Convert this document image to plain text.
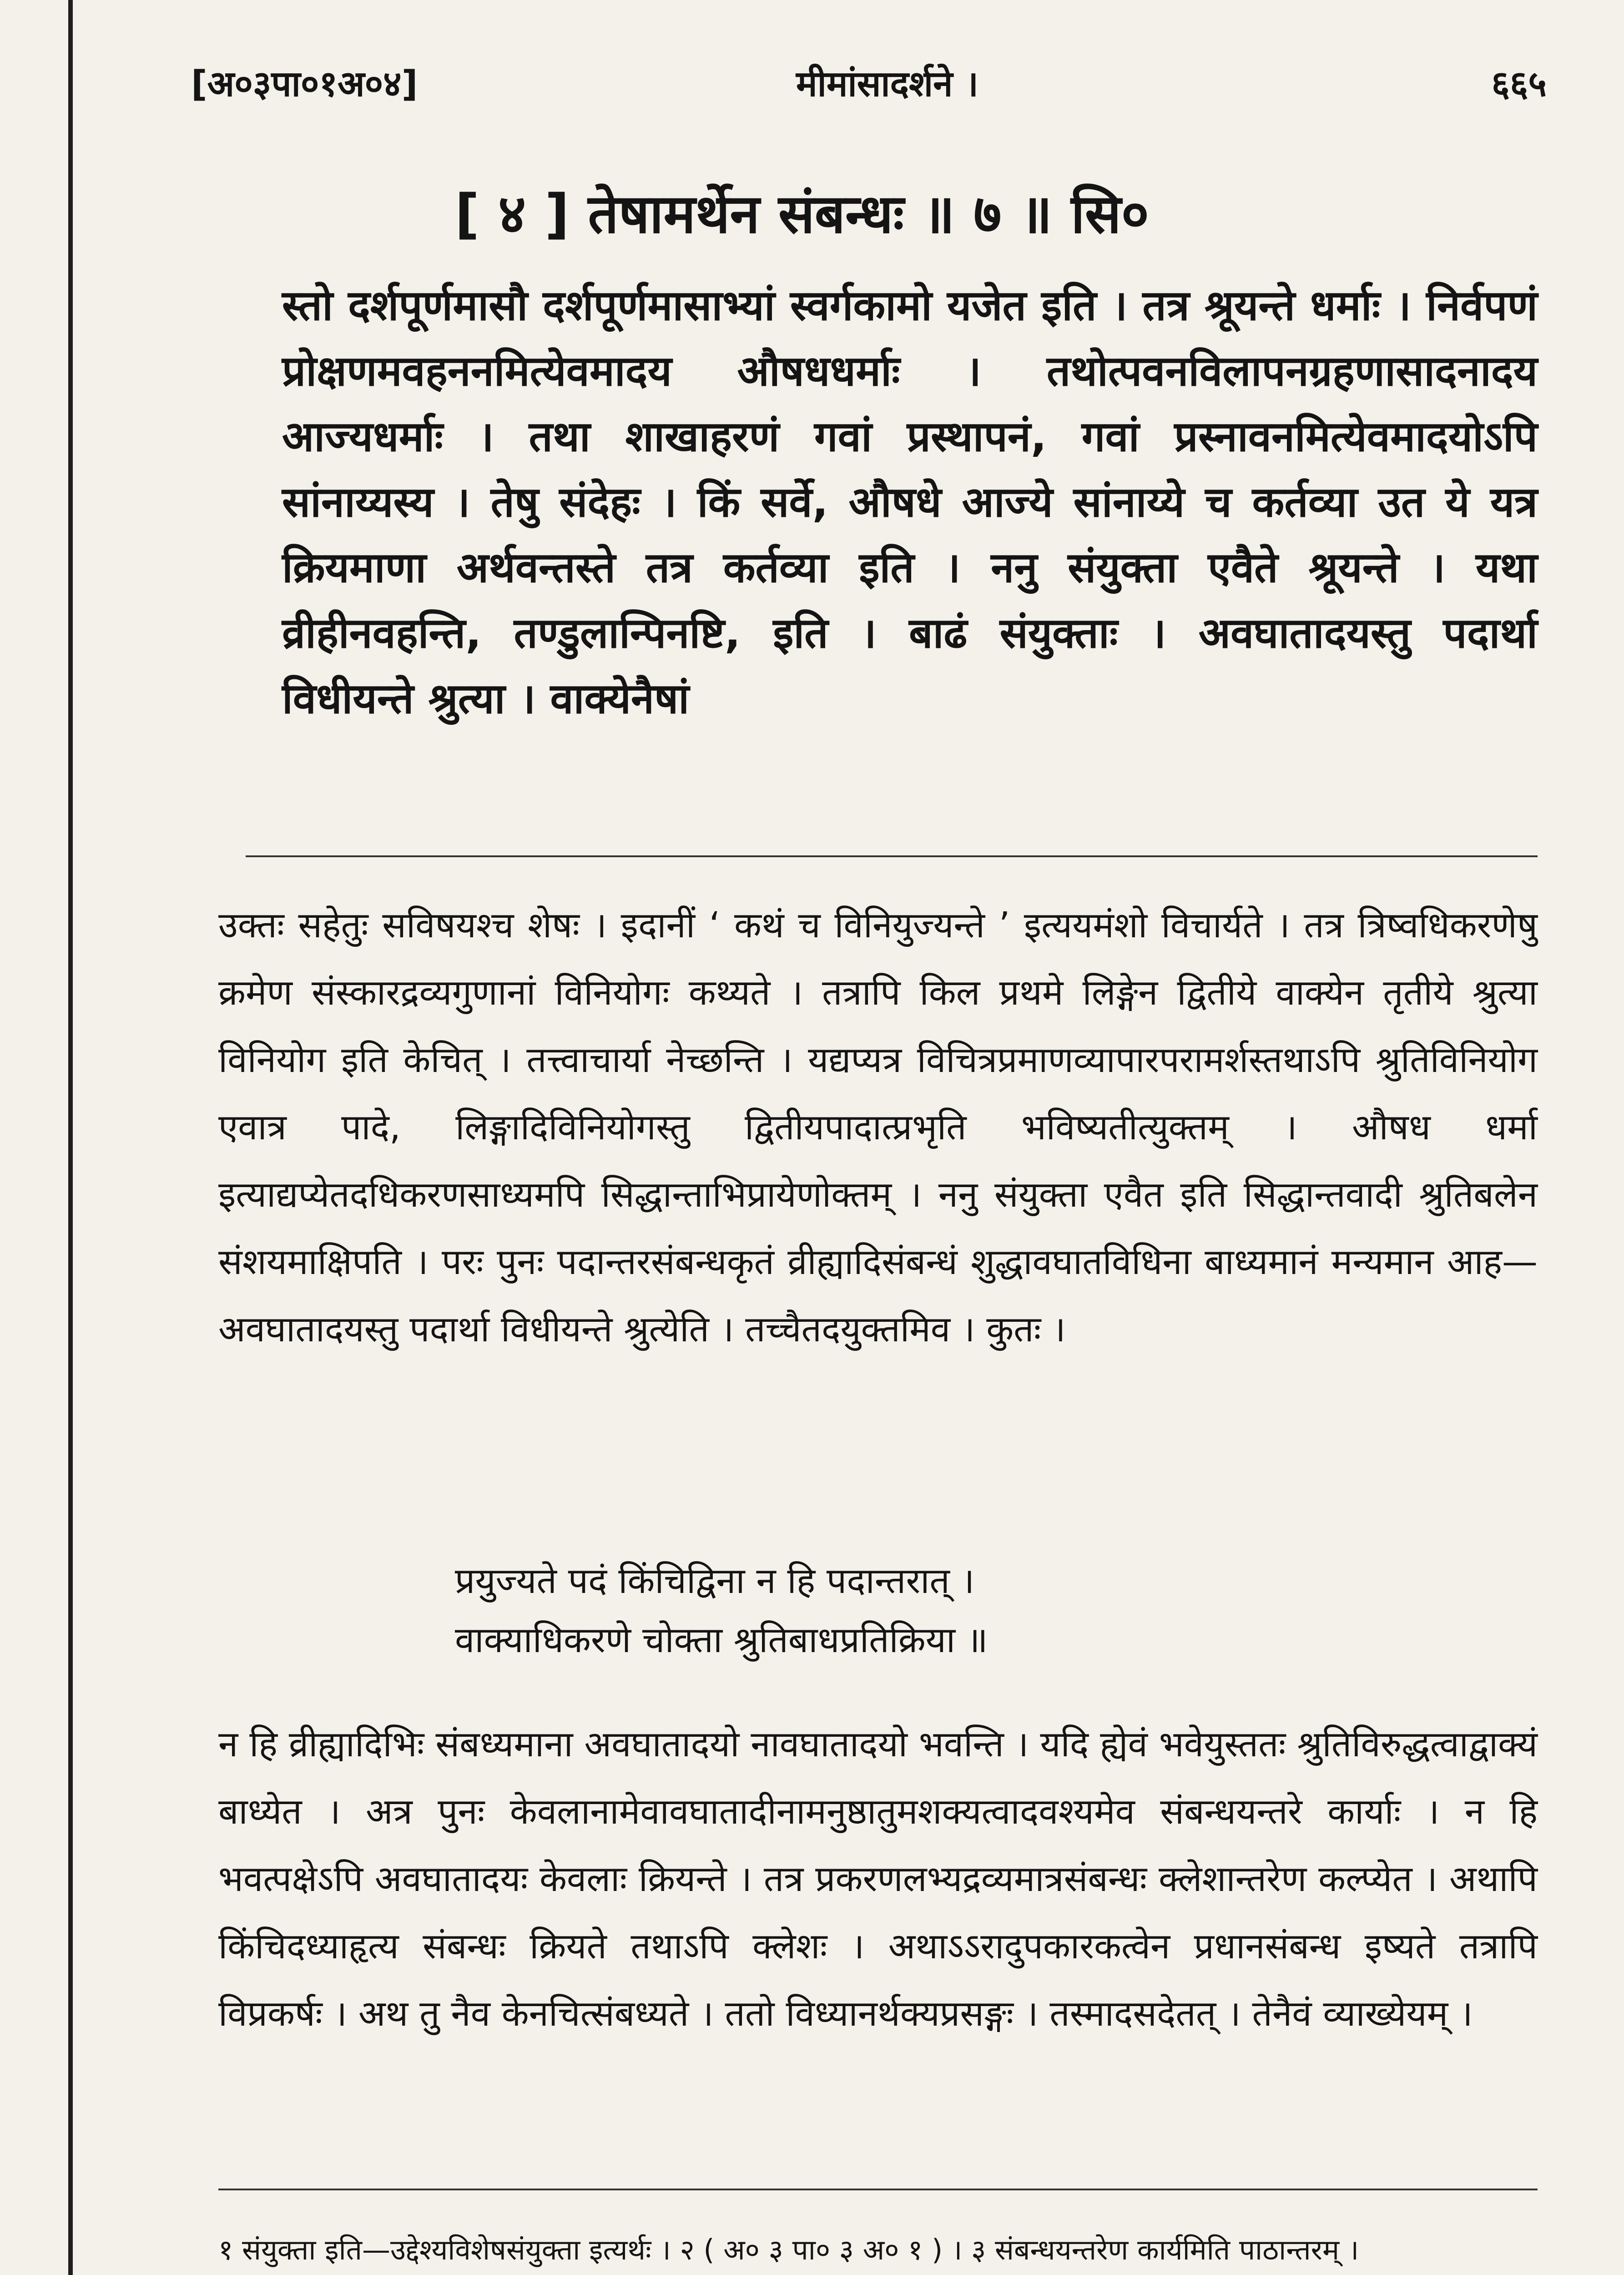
[अ०३पा०१अ०४]	मीमांसादर्शने ।	६६५
[ ४ ] तेषामर्थेन संबन्धः ॥ ७ ॥ सि०

स्तो दर्शपूर्णमासौ दर्शपूर्णमासाभ्यां स्वर्गकामो यजेत इति । तत्र श्रूयन्ते धर्माः । निर्वपणं प्रोक्षणमवहननमित्येवमादय औषधधर्माः । तथोत्पवनविलापनग्रहणासादनादय आज्यधर्माः । तथा शाखाहरणं गवां प्रस्थापनं, गवां प्रस्नावनमित्येवमादयोऽपि सांनाय्यस्य । तेषु संदेहः । किं सर्वे, औषधे आज्ये सांनाय्ये च कर्तव्या उत ये यत्र क्रियमाणा अर्थवन्तस्ते तत्र कर्तव्या इति । ननु संयुक्ता एवैते श्रूयन्ते । यथा व्रीहीनवहन्ति, तण्डुलान्पिनष्टि, इति । बाढं संयुक्ताः । अवघातादयस्तु पदार्था विधीयन्ते श्रुत्या । वाक्येनैषां

उक्तः सहेतुः सविषयश्च शेषः । इदानीं ‘ कथं च विनियुज्यन्ते ’ इत्ययमंशो विचार्यते । तत्र त्रिष्वधिकरणेषु क्रमेण संस्कारद्रव्यगुणानां विनियोगः कथ्यते । तत्रापि किल प्रथमे लिङ्गेन द्वितीये वाक्येन तृतीये श्रुत्या विनियोग इति केचित् । तत्त्वाचार्या नेच्छन्ति । यद्यप्यत्र विचित्रप्रमाणव्यापारपरामर्शस्तथाऽपि श्रुतिविनियोग एवात्र पादे, लिङ्गादिविनियोगस्तु द्वितीयपादात्प्रभृति भविष्यतीत्युक्तम् । औषध धर्मा इत्याद्यप्येतदधिकरणसाध्यमपि सिद्धान्ताभिप्रायेणोक्तम् । ननु संयुक्ता एवैत इति सिद्धान्तवादी श्रुतिबलेन संशयमाक्षिपति । परः पुनः पदान्तरसंबन्धकृतं व्रीह्यादिसंबन्धं शुद्धावघातविधिना बाध्यमानं मन्यमान आह—अवघातादयस्तु पदार्था विधीयन्ते श्रुत्येति । तच्चैतदयुक्तमिव । कुतः ।

प्रयुज्यते पदं किंचिद्विना न हि पदान्तरात् ।
वाक्याधिकरणे चोक्ता श्रुतिबाधप्रतिक्रिया ॥

न हि व्रीह्यादिभिः संबध्यमाना अवघातादयो नावघातादयो भवन्ति । यदि ह्येवं भवेयुस्ततः श्रुतिविरुद्धत्वाद्वाक्यं बाध्येत । अत्र पुनः केवलानामेवावघातादीनामनुष्ठातुमशक्यत्वादवश्यमेव संबन्धयन्तरे कार्याः । न हि भवत्पक्षेऽपि अवघातादयः केवलाः क्रियन्ते । तत्र प्रकरणलभ्यद्रव्यमात्रसंबन्धः क्लेशान्तरेण कल्प्येत । अथापि किंचिदध्याहृत्य संबन्धः क्रियते तथाऽपि क्लेशः । अथाऽऽरादुपकारकत्वेन प्रधानसंबन्ध इष्यते तत्रापि विप्रकर्षः । अथ तु नैव केनचित्संबध्यते । ततो विध्यानर्थक्यप्रसङ्गः । तस्मादसदेतत् । तेनैवं व्याख्येयम् ।

१ संयुक्ता इति—उद्देश्यविशेषसंयुक्ता इत्यर्थः । २ ( अ० ३ पा० ३ अ० १ ) । ३ संबन्धयन्तरेण कार्यमिति पाठान्तरम् ।
